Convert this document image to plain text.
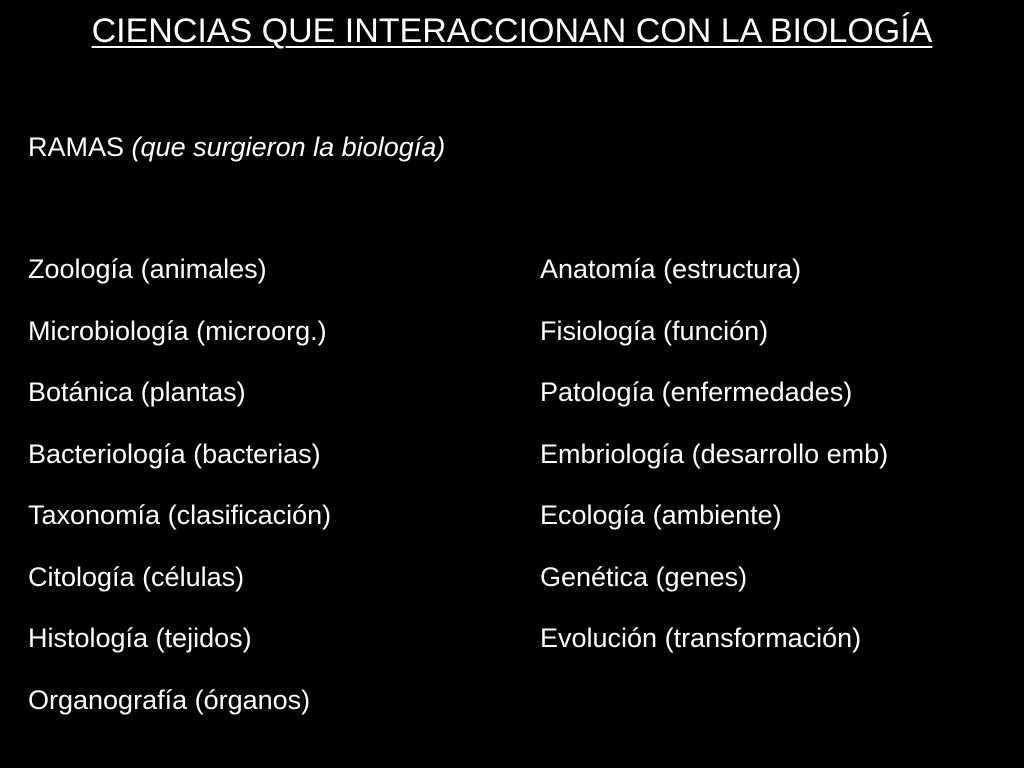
CIENCIAS QUE INTERACCIONAN CON LA BIOLOGÍA
RAMAS (que surgieron la biología)
Zoología (animales)
Microbiología (microorg.)
Botánica (plantas)
Bacteriología (bacterias)
Taxonomía (clasificación)
Citología (células)
Histología (tejidos)
Organografía (órganos)
Anatomía (estructura)
Fisiología (función)
Patología (enfermedades)
Embriología (desarrollo emb)
Ecología (ambiente)
Genética (genes)
Evolución (transformación)
